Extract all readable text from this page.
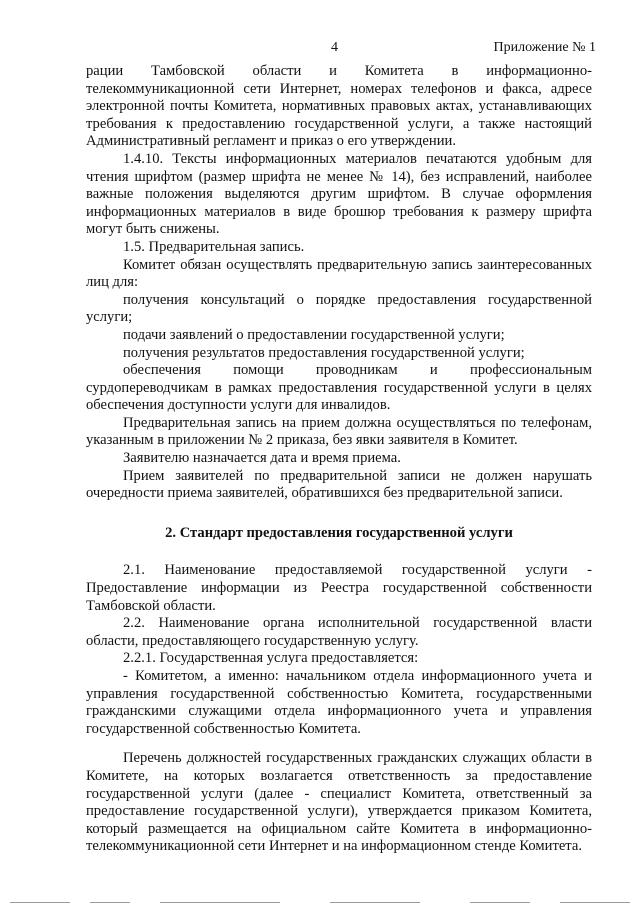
4	Приложение № 1

рации Тамбовской области и Комитета в информационно- телекоммуникационной сети Интернет, номерах телефонов и факса, адресе электронной почты Комитета, нормативных правовых актах, устанавливающих требования к предоставлению государственной услуги, а также настоящий Административный регламент и приказ о его утверждении.

1.4.10. Тексты информационных материалов печатаются удобным для чтения шрифтом (размер шрифта не менее № 14), без исправлений, наиболее важные положения выделяются другим шрифтом. В случае оформления информационных материалов в виде брошюр требования к размеру шрифта могут быть снижены.

1.5. Предварительная запись.

Комитет обязан осуществлять предварительную запись заинтересованных лиц для:

получения консультаций о порядке предоставления государственной услуги;

подачи заявлений о предоставлении государственной услуги;

получения результатов предоставления государственной услуги;

обеспечения помощи проводникам и профессиональным сурдопереводчикам в рамках предоставления государственной услуги в целях обеспечения доступности услуги для инвалидов.

Предварительная запись на прием должна осуществляться по телефонам, указанным в приложении № 2 приказа, без явки заявителя в Комитет.

Заявителю назначается дата и время приема.

Прием заявителей по предварительной записи не должен нарушать очередности приема заявителей, обратившихся без предварительной записи.

2. Стандарт предоставления государственной услуги

2.1. Наименование предоставляемой государственной услуги - Предоставление информации из Реестра государственной собственности Тамбовской области.

2.2. Наименование органа исполнительной государственной власти области, предоставляющего государственную услугу.

2.2.1. Государственная услуга предоставляется:

- Комитетом, а именно: начальником отдела информационного учета и управления государственной собственностью Комитета, государственными гражданскими служащими отдела информационного учета и управления государственной собственностью Комитета.

Перечень должностей государственных гражданских служащих области в Комитете, на которых возлагается ответственность за предоставление государственной услуги (далее - специалист Комитета, ответственный за предоставление государственной услуги), утверждается приказом Комитета, который размещается на официальном сайте Комитета в информационно- телекоммуникационной сети Интернет и на информационном стенде Комитета.
